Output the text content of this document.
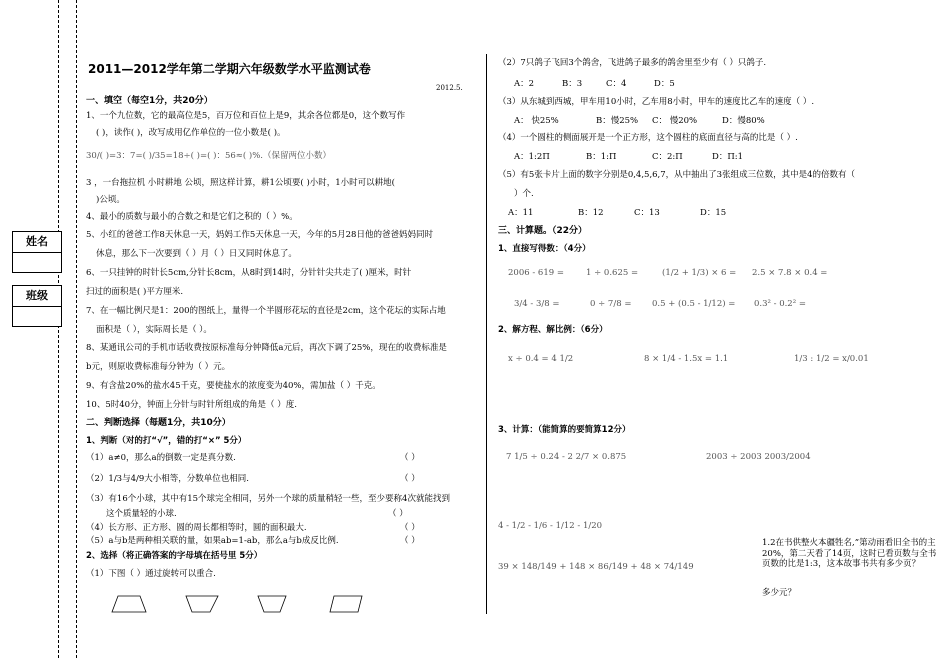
2011—2012学年第二学期六年级数学水平监测试卷
2012.5.
姓名
班级
一、填空（每空1分，共20分）
1、一个九位数，它的最高位是5，百万位和百位上是9，其余各位都是0，这个数写作
( )，读作( )，改写成用亿作单位的一位小数是( )。
30/( )=3：7=( )/35=18÷( )=( )：56≈( )%.（保留两位小数）
3 ，一台拖拉机 小时耕地 公顷，照这样计算，耕1公顷要( )小时，1小时可以耕地(
)公顷。
4、最小的质数与最小的合数之和是它们之积的（ ）%。
5、小红的爸爸工作8天休息一天，妈妈工作5天休息一天，今年的5月28日他的爸爸妈妈同时
休息，那么下一次要到（ ）月（ ）日又同时休息了。
6、一只挂钟的时针长5cm,分针长8cm，从8时到14时，分针针尖共走了( )厘米，时针
扫过的面积是( )平方厘米.
7、在一幅比例尺是1：200的图纸上，量得一个半圆形花坛的直径是2cm，这个花坛的实际占地
面积是（ ），实际周长是（ ）。
8、某通讯公司的手机市话收费按原标准每分钟降低a元后，再次下调了25%，现在的收费标准是
b元，则原收费标准每分钟为（ ）元。
9、有含盐20%的盐水45千克，要使盐水的浓度变为40%，需加盐（ ）千克。
10、5时40分，钟面上分针与时针所组成的角是（ ）度.
二、判断选择（每题1分，共10分）
1、判断（对的打“√”，错的打“×” 5分）
（1）a≠0，那么a的倒数一定是真分数.	（ ）
（2）1/3与4/9大小相等，分数单位也相同.	（ ）
（3）有16个小球，其中有15个球完全相同，另外一个球的质量稍轻一些，至少要称4次就能找到
这个质量轻的小球.	（ ）
（4）长方形、正方形、圆的周长都相等时，圆的面积最大.	（ ）
（5）a与b是两种相关联的量，如果ab=1-ab，那么a与b成反比例.	（ ）
2、选择（将正确答案的字母填在括号里 5分）
（1）下图（ ）通过旋转可以重合.
（2）7只鸽子飞回3个鸽舍，飞进鸽子最多的鸽舍里至少有（ ）只鸽子.
A：2	B：3	C：4	D：5
（3）从东城到西城，甲车用10小时，乙车用8小时，甲车的速度比乙车的速度（ ）.
A： 快25%	B：慢25% C： 慢20%	D：慢80%
（4）一个圆柱的侧面展开是一个正方形，这个圆柱的底面直径与高的比是（ ）.
A：1:2Π	B：1:Π	C：2:Π	D：Π:1
（5）有5张卡片上面的数字分别是0,4,5,6,7，从中抽出了3张组成三位数，其中是4的倍数有（
）个.
A：11	B：12	C：13	D：15
三、计算题。（22分）
1、直接写得数：（4分）
2006 - 619 =	1 ÷ 0.625 =	(1/2 + 1/3) × 6 = 2.5 × 7.8 × 0.4 =
3/4 - 3/8 =	0 ÷ 7/8 = 0.5 + (0.5 - 1/12) = 0.3² - 0.2² =
2、解方程、解比例：（6分）
x ÷ 0.4 = 4 1/2	8 × 1/4 - 1.5x = 1.1	1/3 : 1/2 = x/0.01
3、计算：（能简算的要简算12分）
7 1/5 ÷ 0.24 - 2 2/7 × 0.875	2003 ÷ 2003 2003/2004
4 - 1/2 - 1/6 - 1/12 - 1/20
39 × 148/149 + 148 × 86/149 + 48 × 74/149
1.2在书供整火本疆牲名,”第动雨看旧全书的主20%，第二天看了14页，这时已看页数与全书页数的比是1:3，这本故事书共有多少页？
多少元？
